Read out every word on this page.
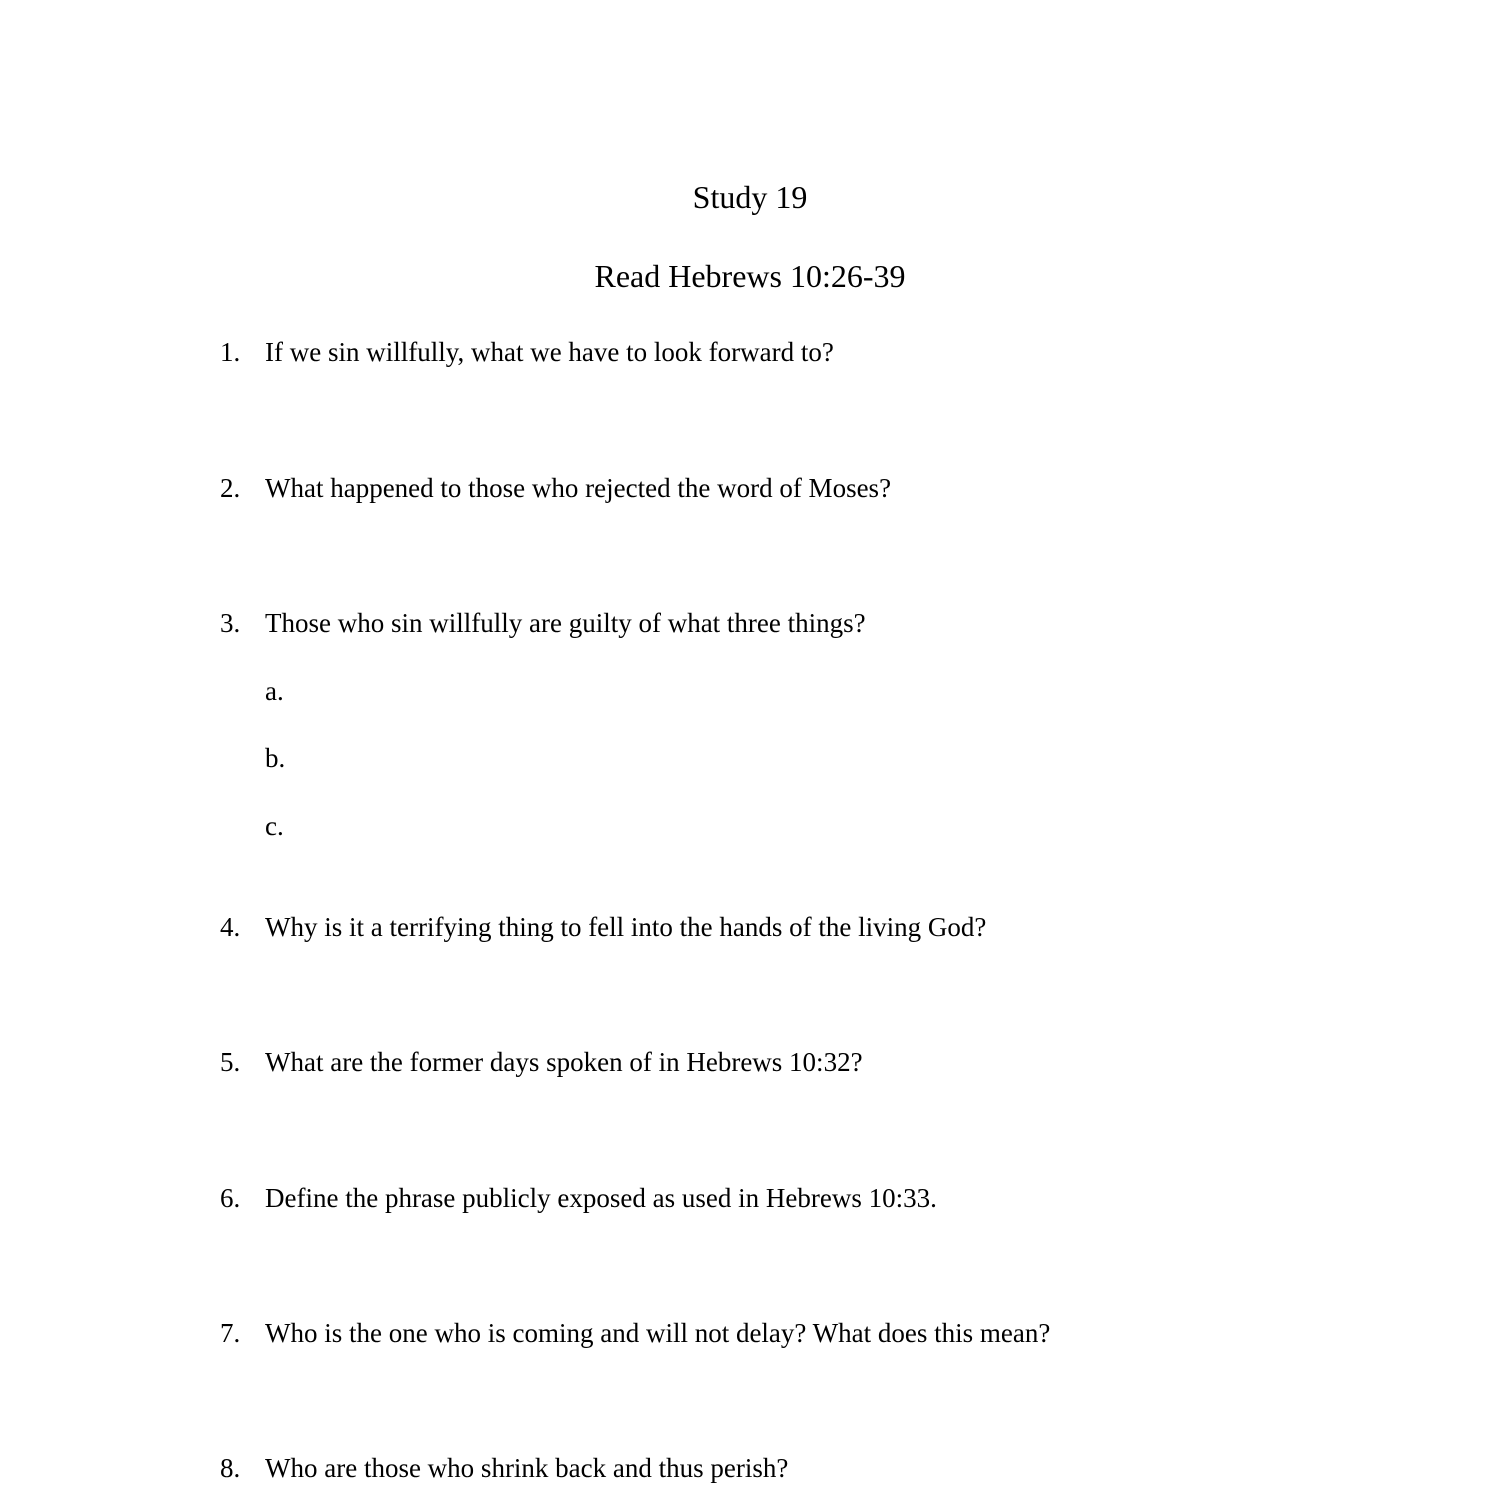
Study 19
Read Hebrews 10:26-39
1. If we sin willfully, what we have to look forward to?
2. What happened to those who rejected the word of Moses?
3. Those who sin willfully are guilty of what three things?
a.
b.
c.
4. Why is it a terrifying thing to fell into the hands of the living God?
5. What are the former days spoken of in Hebrews 10:32?
6. Define the phrase publicly exposed as used in Hebrews 10:33.
7. Who is the one who is coming and will not delay? What does this mean?
8. Who are those who shrink back and thus perish?
